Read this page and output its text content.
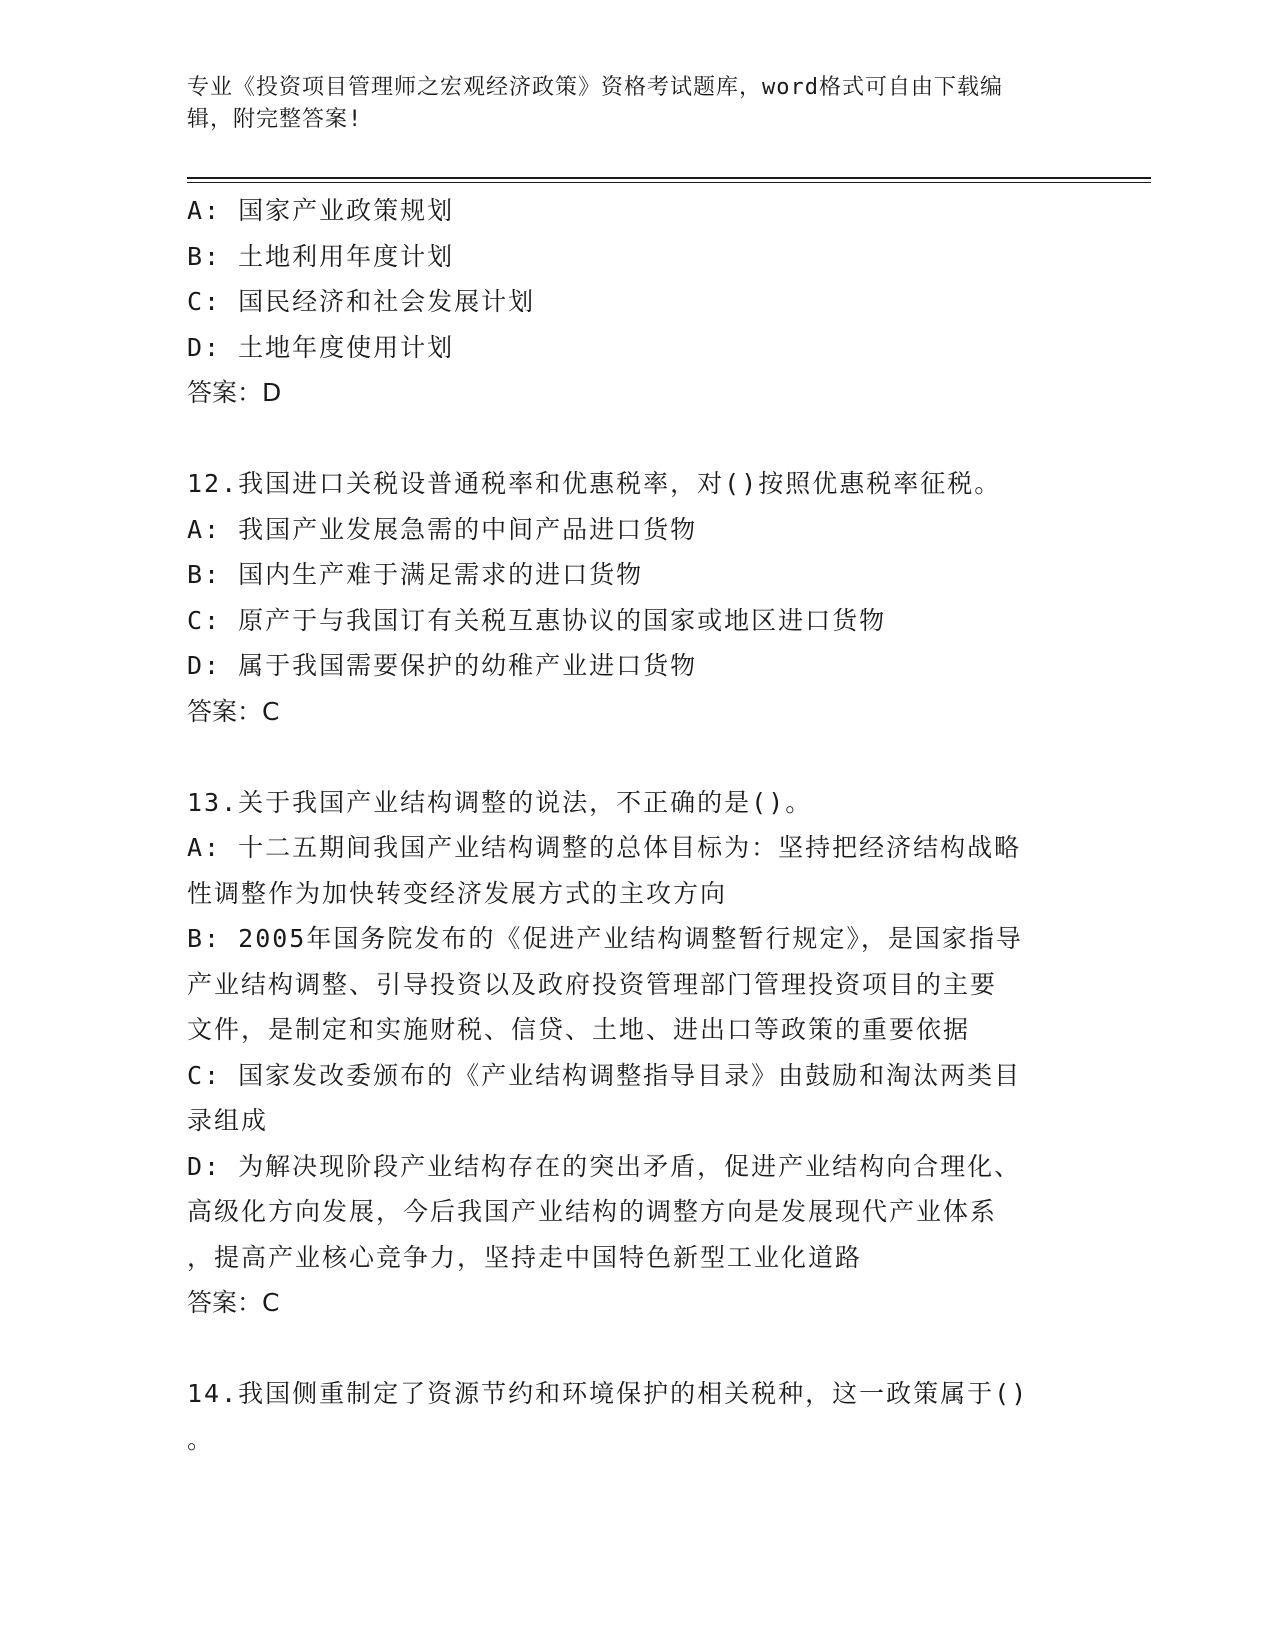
专业《投资项目管理师之宏观经济政策》资格考试题库，word格式可自由下载编
辑，附完整答案!
A: 国家产业政策规划
B: 土地利用年度计划
C: 国民经济和社会发展计划
D: 土地年度使用计划
答案：D
12.我国进口关税设普通税率和优惠税率，对()按照优惠税率征税。
A: 我国产业发展急需的中间产品进口货物
B: 国内生产难于满足需求的进口货物
C: 原产于与我国订有关税互惠协议的国家或地区进口货物
D: 属于我国需要保护的幼稚产业进口货物
答案：C
13.关于我国产业结构调整的说法，不正确的是()。
A: 十二五期间我国产业结构调整的总体目标为：坚持把经济结构战略
性调整作为加快转变经济发展方式的主攻方向
B: 2005年国务院发布的《促进产业结构调整暂行规定》，是国家指导
产业结构调整、引导投资以及政府投资管理部门管理投资项目的主要
文件，是制定和实施财税、信贷、土地、进出口等政策的重要依据
C: 国家发改委颁布的《产业结构调整指导目录》由鼓励和淘汰两类目
录组成
D: 为解决现阶段产业结构存在的突出矛盾，促进产业结构向合理化、
高级化方向发展，今后我国产业结构的调整方向是发展现代产业体系
，提高产业核心竞争力，坚持走中国特色新型工业化道路
答案：C
14.我国侧重制定了资源节约和环境保护的相关税种，这一政策属于()
。
